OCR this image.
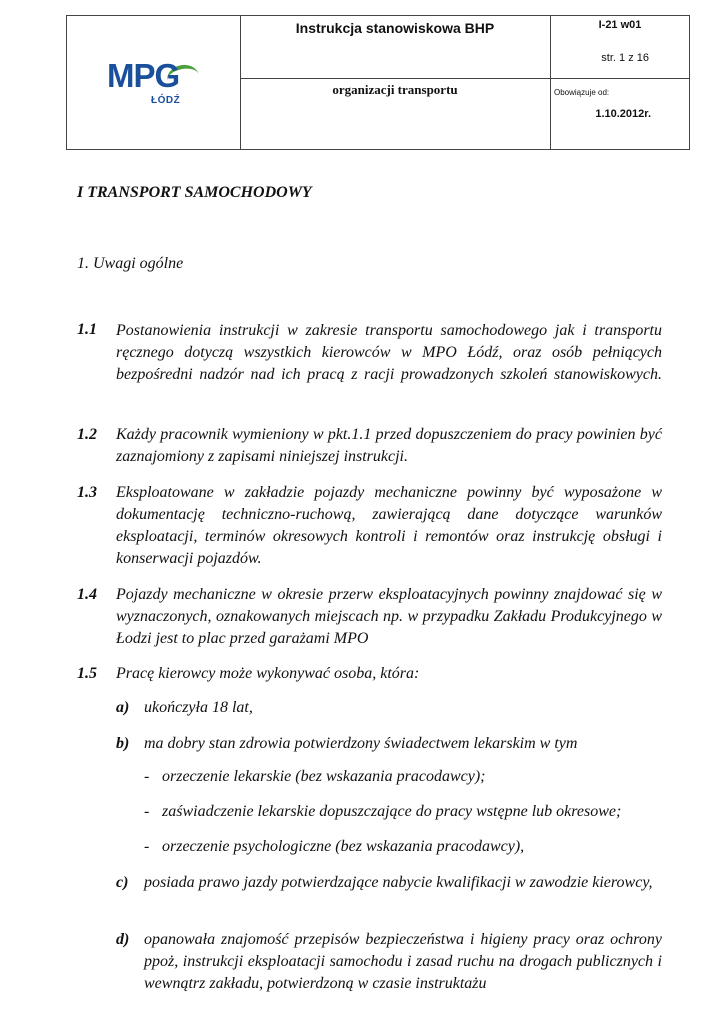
MPG
ŁÓDŹ
Instrukcja stanowiskowa BHP
organizacji transportu
I-21 w01
str. 1 z 16
Obowiązuje od:
1.10.2012r.
I TRANSPORT SAMOCHODOWY
1. Uwagi ogólne
1.1 Postanowienia instrukcji w zakresie transportu samochodowego jak i transportu ręcznego dotyczą wszystkich kierowców w MPO Łódź, oraz osób pełniących bezpośredni nadzór nad ich pracą z racji prowadzonych szkoleń stanowiskowych.
1.2 Każdy pracownik wymieniony w pkt.1.1 przed dopuszczeniem do pracy powinien być zaznajomiony z zapisami niniejszej instrukcji.
1.3 Eksploatowane w zakładzie pojazdy mechaniczne powinny być wyposażone w dokumentację techniczno-ruchową, zawierającą dane dotyczące warunków eksploatacji, terminów okresowych kontroli i remontów oraz instrukcję obsługi i konserwacji pojazdów.
1.4 Pojazdy mechaniczne w okresie przerw eksploatacyjnych powinny znajdować się w wyznaczonych, oznakowanych miejscach np. w przypadku Zakładu Produkcyjnego w Łodzi jest to plac przed garażami MPO
1.5 Pracę kierowcy może wykonywać osoba, która:
a) ukończyła 18 lat,
b) ma dobry stan zdrowia potwierdzony świadectwem lekarskim w tym
- orzeczenie lekarskie (bez wskazania pracodawcy);
- zaświadczenie lekarskie dopuszczające do pracy wstępne lub okresowe;
- orzeczenie psychologiczne (bez wskazania pracodawcy),
c) posiada prawo jazdy potwierdzające nabycie kwalifikacji w zawodzie kierowcy,
d) opanowała znajomość przepisów bezpieczeństwa i higieny pracy oraz ochrony ppoż, instrukcji eksploatacji samochodu i zasad ruchu na drogach publicznych i wewnątrz zakładu, potwierdzoną w czasie instruktażu
